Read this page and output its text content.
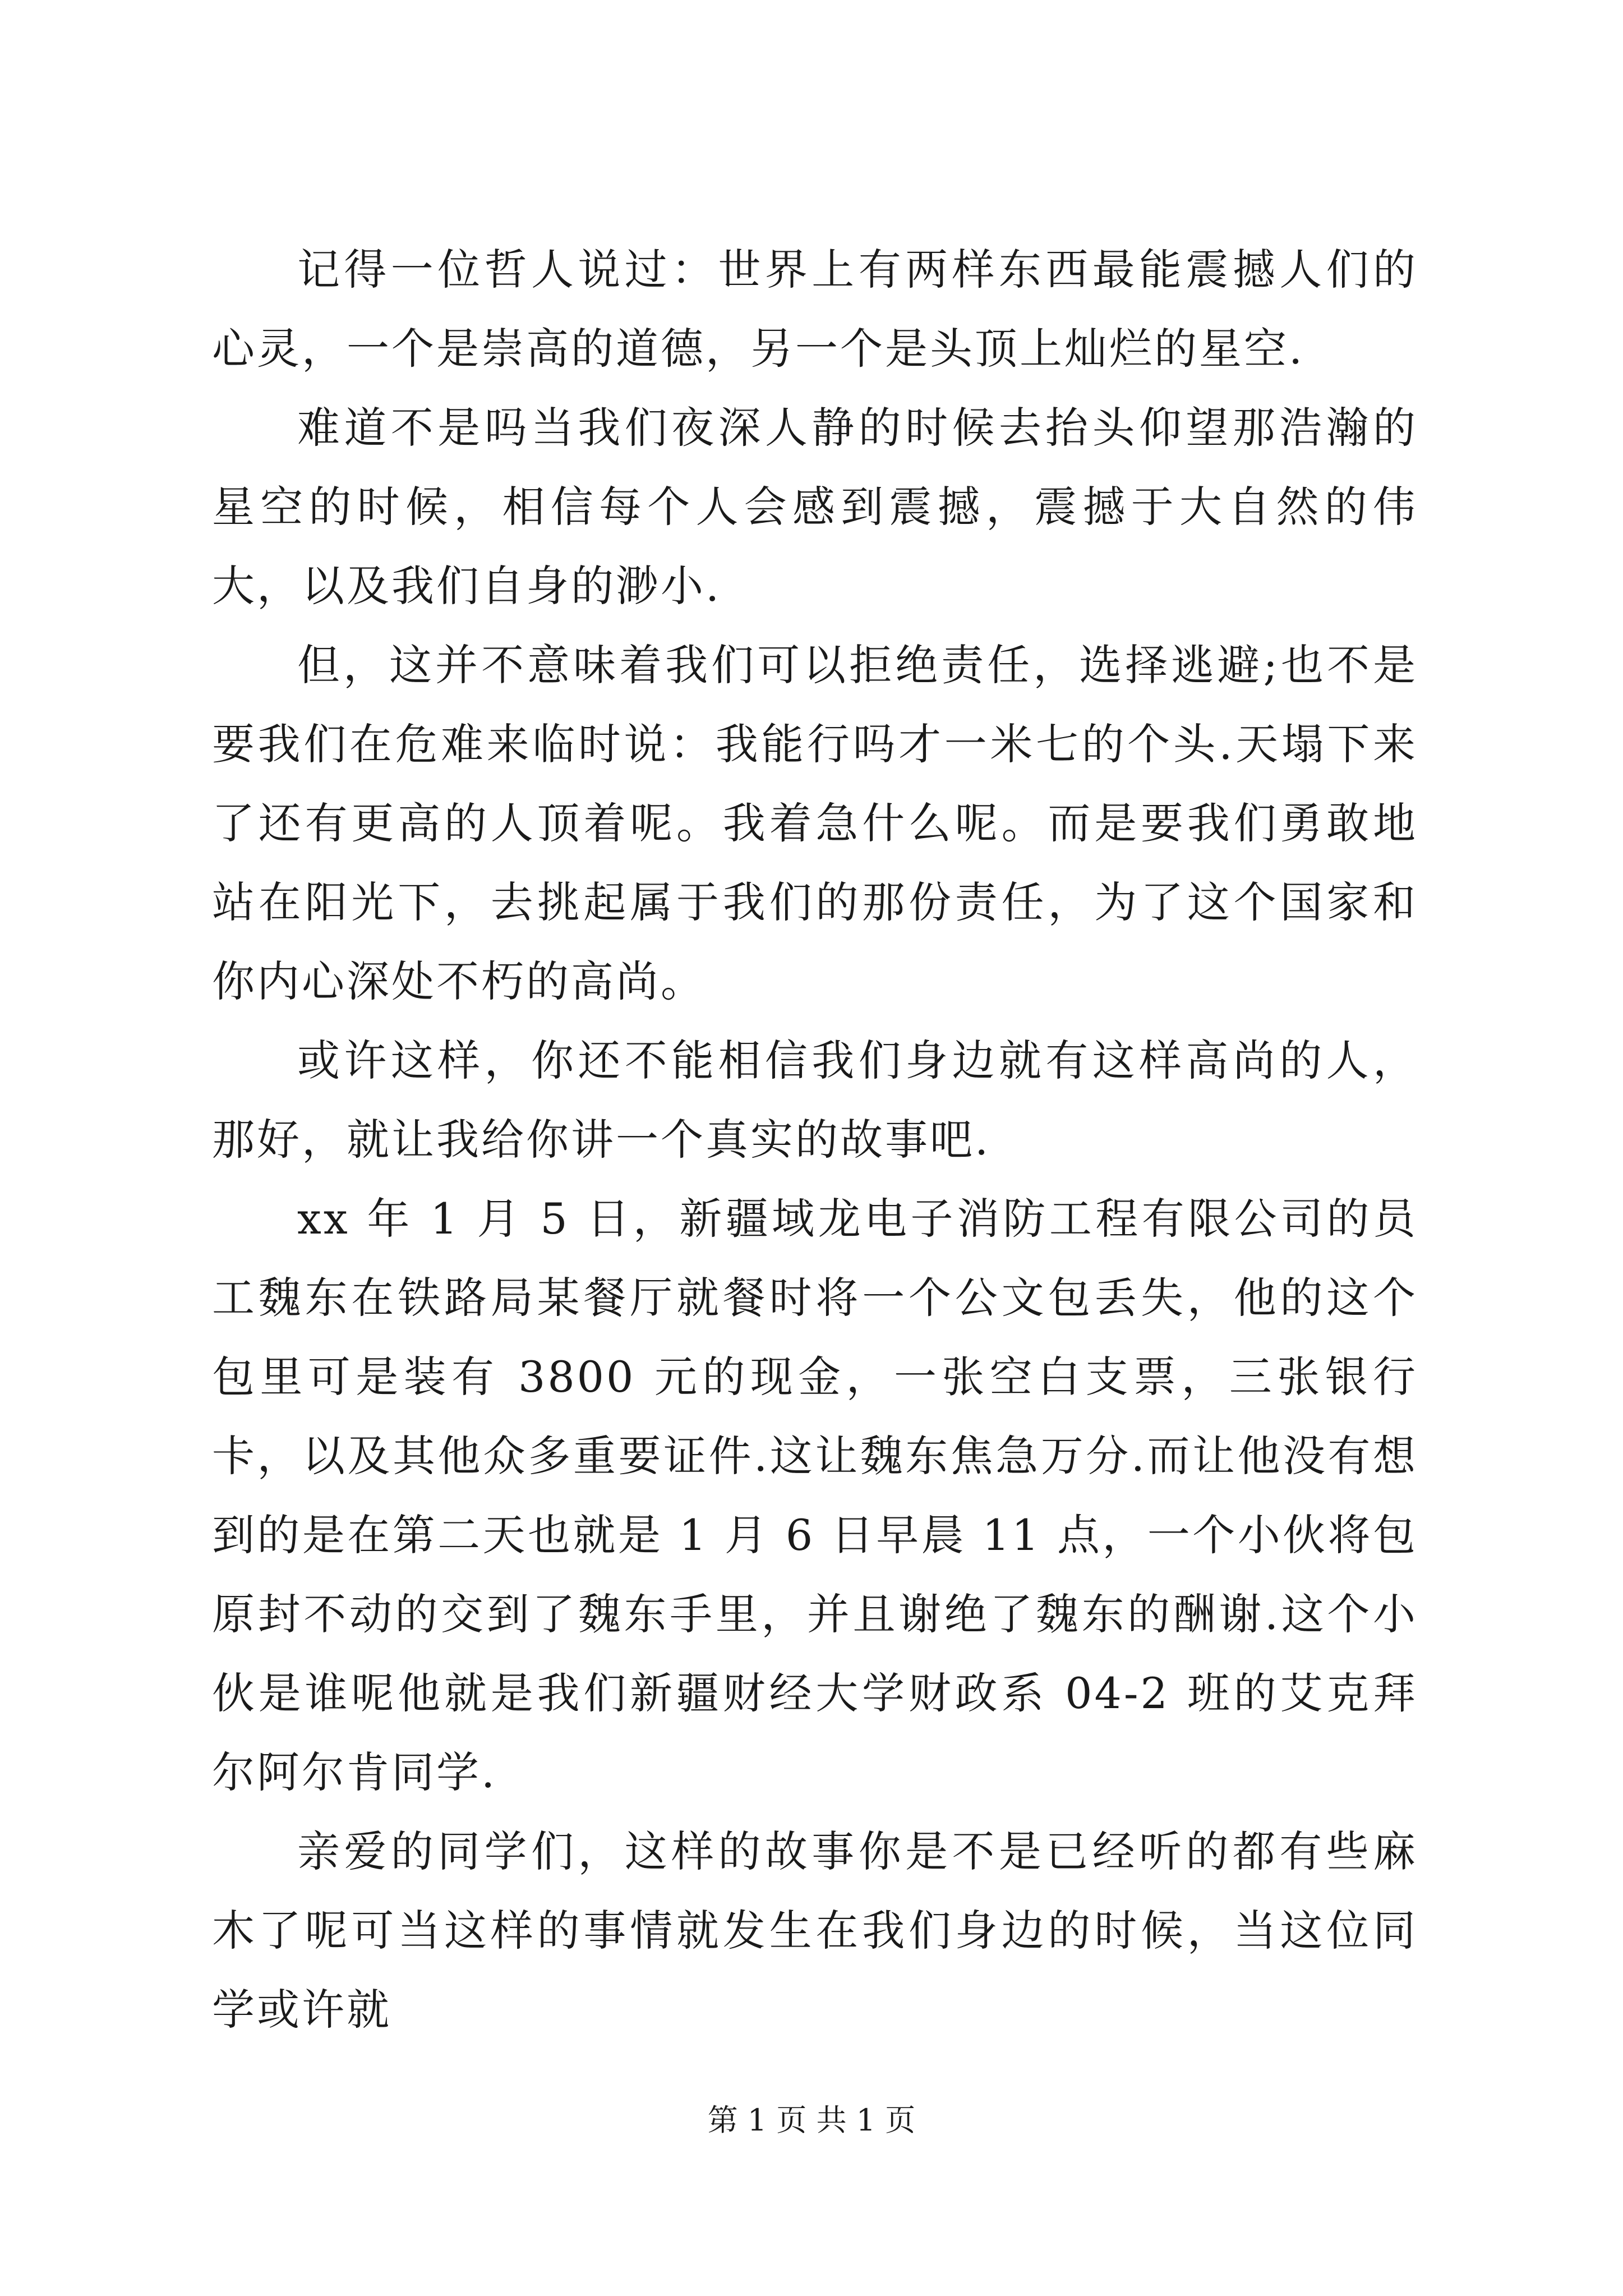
记得一位哲人说过：世界上有两样东西最能震撼人们的心灵，一个是崇高的道德，另一个是头顶上灿烂的星空.

难道不是吗当我们夜深人静的时候去抬头仰望那浩瀚的星空的时候，相信每个人会感到震撼，震撼于大自然的伟大，以及我们自身的渺小.

但，这并不意味着我们可以拒绝责任，选择逃避;也不是要我们在危难来临时说：我能行吗才一米七的个头.天塌下来了还有更高的人顶着呢。我着急什么呢。而是要我们勇敢地站在阳光下，去挑起属于我们的那份责任，为了这个国家和你内心深处不朽的高尚。

或许这样，你还不能相信我们身边就有这样高尚的人，那好，就让我给你讲一个真实的故事吧.

xx 年 1 月 5 日，新疆域龙电子消防工程有限公司的员工魏东在铁路局某餐厅就餐时将一个公文包丢失，他的这个包里可是装有 3800 元的现金，一张空白支票，三张银行卡，以及其他众多重要证件.这让魏东焦急万分.而让他没有想到的是在第二天也就是 1 月 6 日早晨 11 点，一个小伙将包原封不动的交到了魏东手里，并且谢绝了魏东的酬谢.这个小伙是谁呢他就是我们新疆财经大学财政系 04-2 班的艾克拜尔阿尔肯同学.

亲爱的同学们，这样的故事你是不是已经听的都有些麻木了呢可当这样的事情就发生在我们身边的时候，当这位同学或许就

第 1 页 共 1 页
